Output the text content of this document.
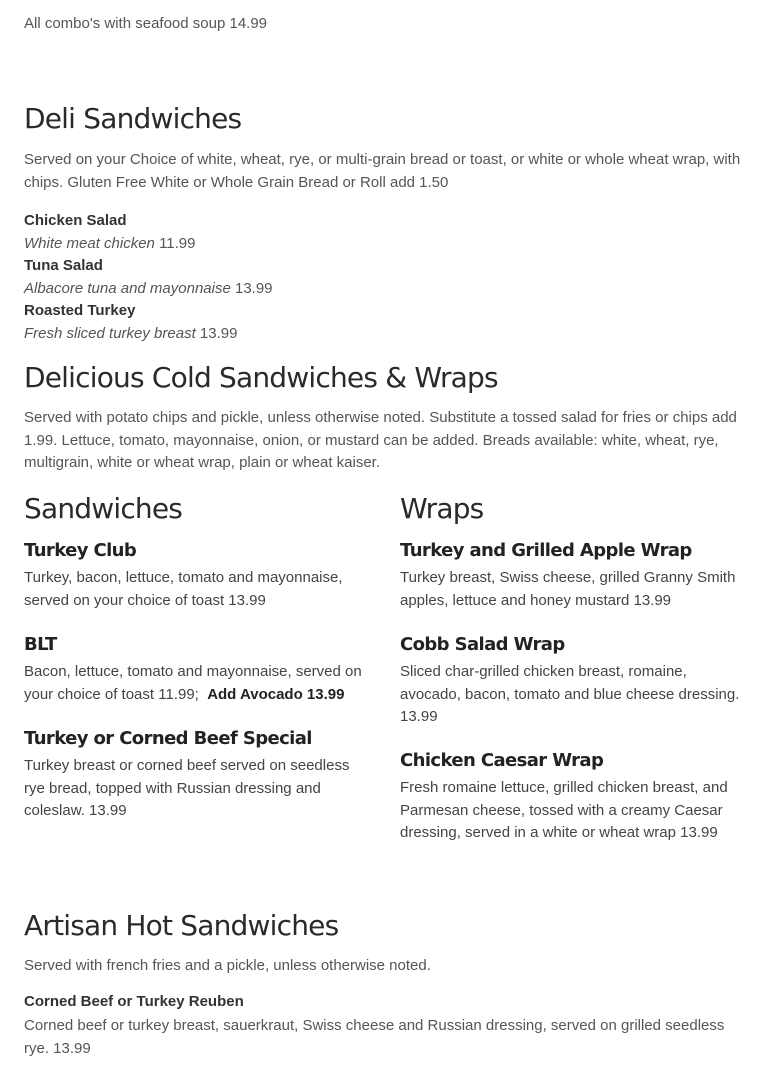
All combo's with seafood soup 14.99

Deli Sandwiches

Served on your Choice of white, wheat, rye, or multi-grain bread or toast, or white or whole wheat wrap, with chips. Gluten Free White or Whole Grain Bread or Roll add 1.50

Chicken Salad
White meat chicken 11.99
Tuna Salad
Albacore tuna and mayonnaise 13.99
Roasted Turkey
Fresh sliced turkey breast 13.99
Delicious Cold Sandwiches & Wraps

Served with potato chips and pickle, unless otherwise noted. Substitute a tossed salad for fries or chips add 1.99. Lettuce, tomato, mayonnaise, onion, or mustard can be added. Breads available: white, wheat, rye, multigrain, white or wheat wrap, plain or wheat kaiser.

Sandwiches

Turkey Club

Turkey, bacon, lettuce, tomato and mayonnaise, served on your choice of toast 13.99

BLT

Bacon, lettuce, tomato and mayonnaise, served on your choice of toast 11.99; Add Avocado 13.99

Turkey or Corned Beef Special

Turkey breast or corned beef served on seedless rye bread, topped with Russian dressing and coleslaw. 13.99

Wraps

Turkey and Grilled Apple Wrap

Turkey breast, Swiss cheese, grilled Granny Smith apples, lettuce and honey mustard 13.99

Cobb Salad Wrap

Sliced char-grilled chicken breast, romaine, avocado, bacon, tomato and blue cheese dressing. 13.99

Chicken Caesar Wrap

Fresh romaine lettuce, grilled chicken breast, and Parmesan cheese, tossed with a creamy Caesar dressing, served in a white or wheat wrap 13.99

Artisan Hot Sandwiches

Served with french fries and a pickle, unless otherwise noted.

Corned Beef or Turkey Reuben

Corned beef or turkey breast, sauerkraut, Swiss cheese and Russian dressing, served on grilled seedless rye. 13.99
